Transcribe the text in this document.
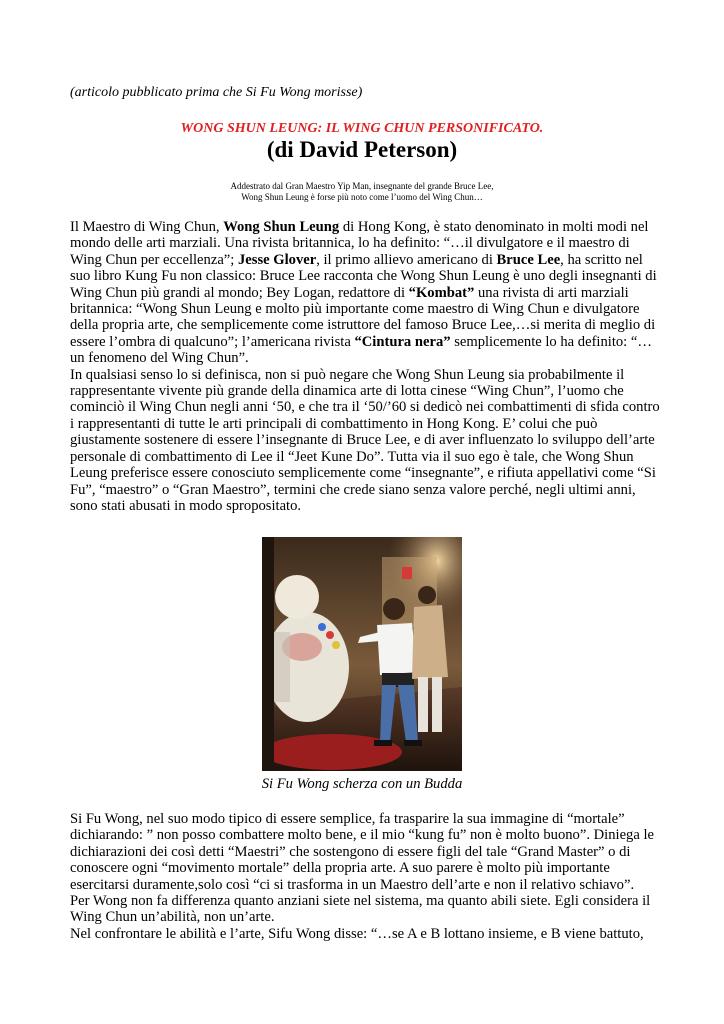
(articolo pubblicato prima che Si Fu Wong morisse)
WONG SHUN LEUNG: IL WING CHUN PERSONIFICATO.
(di David Peterson)
Addestrato dal Gran Maestro Yip Man, insegnante del grande Bruce Lee,
Wong Shun Leung è forse più noto come l’uomo del Wing Chun…

Il Maestro di Wing Chun, Wong Shun Leung di Hong Kong, è stato denominato in molti modi nel mondo delle arti marziali. Una rivista britannica, lo ha definito: “…il divulgatore e il maestro di Wing Chun per eccellenza”; Jesse Glover, il primo allievo americano di Bruce Lee, ha scritto nel suo libro Kung Fu non classico: Bruce Lee racconta che Wong Shun Leung è uno degli insegnanti di Wing Chun più grandi al mondo; Bey Logan, redattore di “Kombat” una rivista di arti marziali britannica: “Wong Shun Leung e molto più importante come maestro di Wing Chun e divulgatore della propria arte, che semplicemente come istruttore del famoso Bruce Lee,…si merita di meglio di essere l’ombra di qualcuno”; l’americana rivista “Cintura nera” semplicemente lo ha definito: “…un fenomeno del Wing Chun”.

In qualsiasi senso lo si definisca, non si può negare che Wong Shun Leung sia probabilmente il rappresentante vivente più grande della dinamica arte di lotta cinese “Wing Chun”, l’uomo che cominciò il Wing Chun negli anni ‘50, e che tra il ‘50/’60 si dedicò nei combattimenti di sfida contro i rappresentanti di tutte le arti principali di combattimento in Hong Kong. E’ colui che può giustamente sostenere di essere l’insegnante di Bruce Lee, e di aver influenzato lo sviluppo dell’arte personale di combattimento di Lee il “Jeet Kune Do”. Tutta via il suo ego è tale, che Wong Shun Leung preferisce essere conosciuto semplicemente come “insegnante”, e rifiuta appellativi come “Si Fu”, “maestro” o “Gran Maestro”, termini che crede siano senza valore perché, negli ultimi anni, sono stati abusati in modo spropositato.

Si Fu Wong scherza con un Budda

Si Fu Wong, nel suo modo tipico di essere semplice, fa trasparire la sua immagine di “mortale” dichiarando: ” non posso combattere molto bene, e il mio “kung fu” non è molto buono”. Diniega le dichiarazioni dei così detti “Maestri” che sostengono di essere figli del tale “Grand Master” o di conoscere ogni “movimento mortale” della propria arte. A suo parere è molto più importante esercitarsi duramente,solo così “ci si trasforma in un Maestro dell’arte e non il relativo schiavo”.

Per Wong non fa differenza quanto anziani siete nel sistema, ma quanto abili siete. Egli considera il Wing Chun un’abilità, non un’arte.

Nel confrontare le abilità e l’arte, Sifu Wong disse: “…se A e B lottano insieme, e B viene battuto,
